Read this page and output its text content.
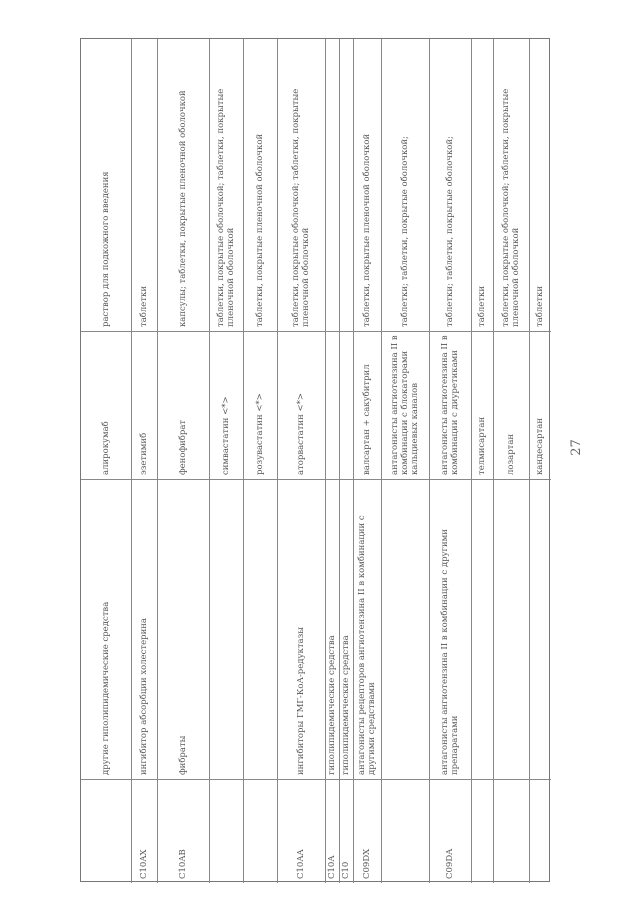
таблетки
кандесартан
таблетки, покрытые оболочкой; таблетки, покрытые пленочной оболочкой
лозартан
таблетки
телмисартан
таблетки; таблетки, покрытые оболочкой;
антагонисты ангиотензина II в комбинации с диуретиками
антагонисты ангиотензина II в комбинации с другими препаратами
C09DA
таблетки; таблетки, покрытые оболочкой;
антагонисты ангиотензина II в комбинации с блокаторами кальциевых каналов
таблетки, покрытые пленочной оболочкой
валсартан + сакубитрил
антагонисты рецепторов ангиотензина II в комбинации с другими средствами
C09DX
гиполипидемические средства
C10
гиполипидемические средства
C10A
таблетки, покрытые оболочкой; таблетки, покрытые пленочной оболочкой
аторвастатин <*>
ингибиторы ГМГ-КоА-редуктазы
C10AA
таблетки, покрытые пленочной оболочкой
розувастатин <*>
таблетки, покрытые оболочкой; таблетки, покрытые пленочной оболочкой
симвастатин <*>
капсулы; таблетки, покрытые пленочной оболочкой
фенофибрат
фибраты
C10AB
таблетки
эзетимиб
ингибитор абсорбции холестерина
C10AX
раствор для подкожного введения
алирокумаб
другие гиполипидемические средства
27
